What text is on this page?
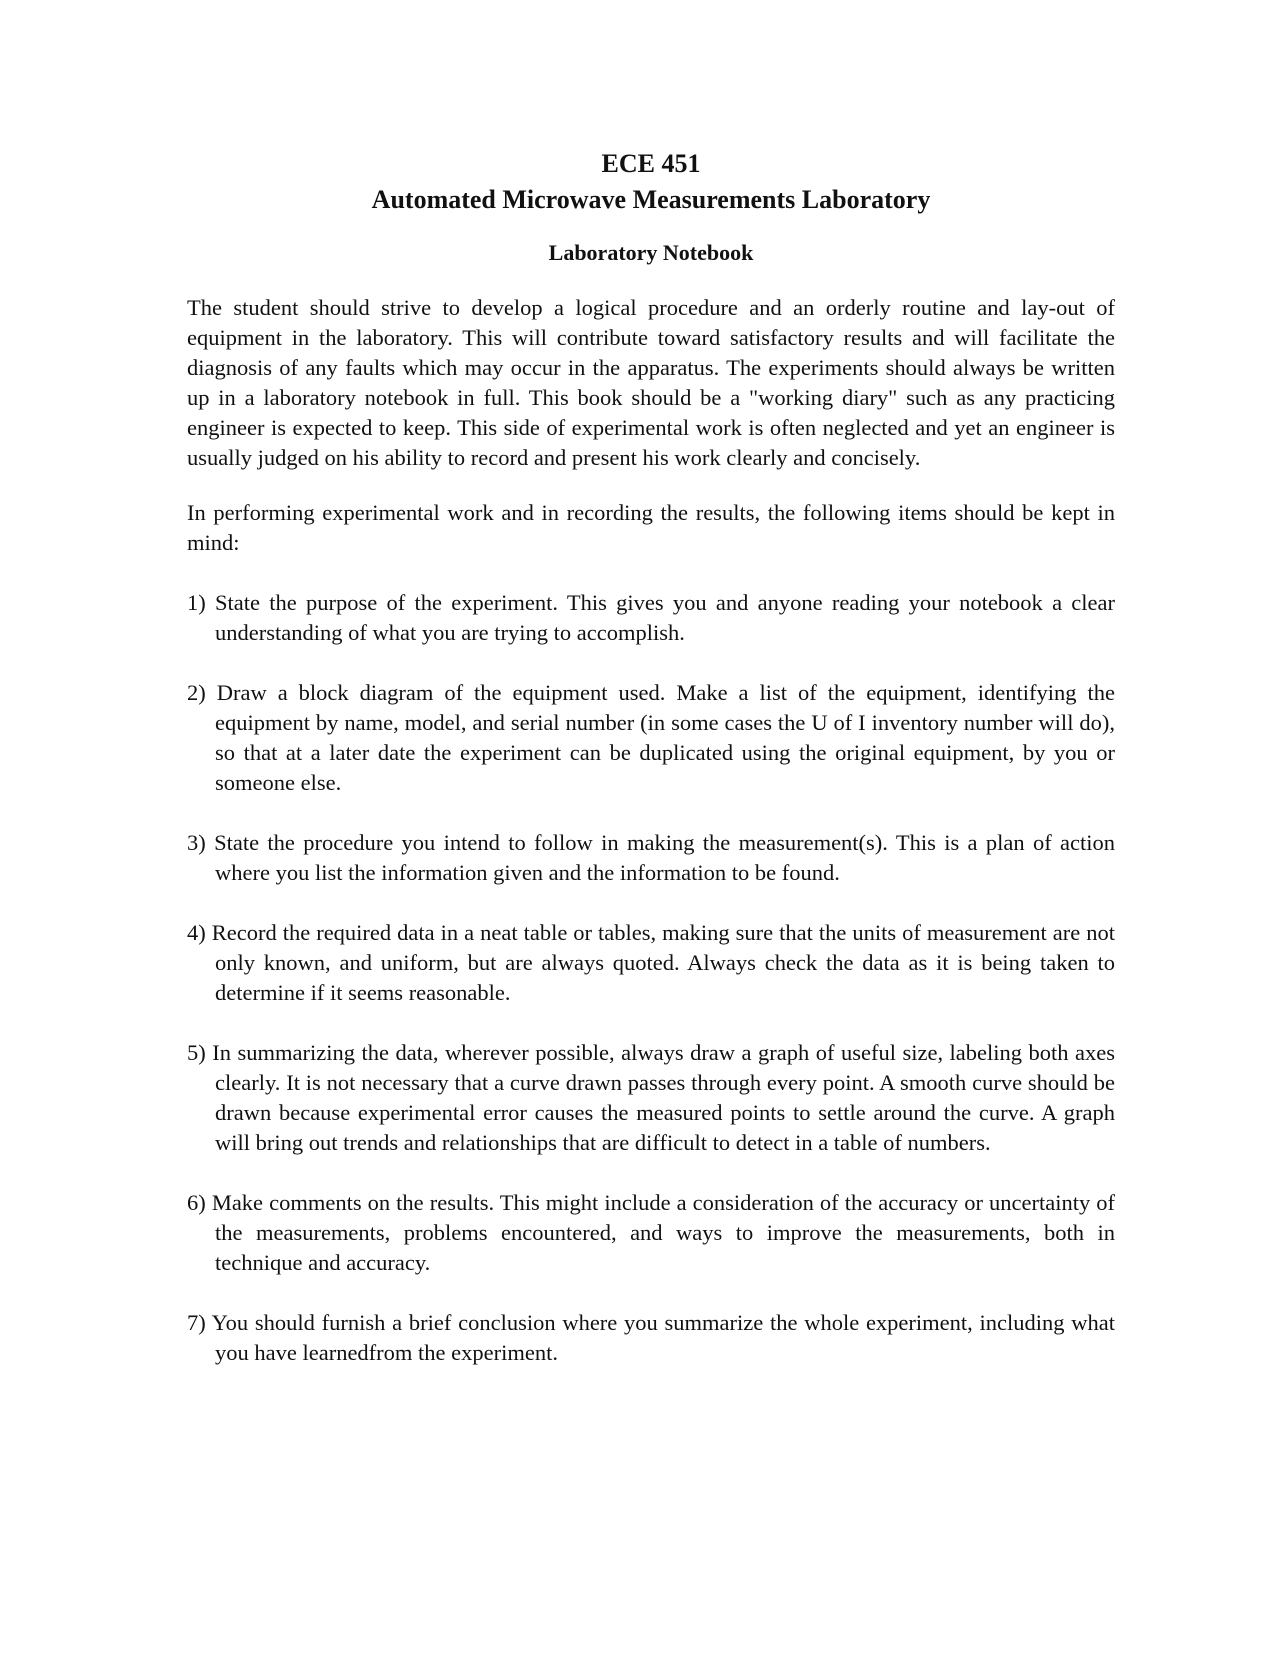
ECE 451
Automated Microwave Measurements Laboratory
Laboratory Notebook

The student should strive to develop a logical procedure and an orderly routine and lay-out of equipment in the laboratory. This will contribute toward satisfactory results and will facilitate the diagnosis of any faults which may occur in the apparatus. The experiments should always be written up in a laboratory notebook in full. This book should be a "working diary" such as any practicing engineer is expected to keep. This side of experimental work is often neglected and yet an engineer is usually judged on his ability to record and present his work clearly and concisely.

In performing experimental work and in recording the results, the following items should be kept in mind:

1) State the purpose of the experiment. This gives you and anyone reading your notebook a clear understanding of what you are trying to accomplish.
2) Draw a block diagram of the equipment used. Make a list of the equipment, identifying the equipment by name, model, and serial number (in some cases the U of I inventory number will do), so that at a later date the experiment can be duplicated using the original equipment, by you or someone else.
3) State the procedure you intend to follow in making the measurement(s). This is a plan of action where you list the information given and the information to be found.
4) Record the required data in a neat table or tables, making sure that the units of measurement are not only known, and uniform, but are always quoted. Always check the data as it is being taken to determine if it seems reasonable.
5) In summarizing the data, wherever possible, always draw a graph of useful size, labeling both axes clearly. It is not necessary that a curve drawn passes through every point. A smooth curve should be drawn because experimental error causes the measured points to settle around the curve. A graph will bring out trends and relationships that are difficult to detect in a table of numbers.
6) Make comments on the results. This might include a consideration of the accuracy or uncertainty of the measurements, problems encountered, and ways to improve the measurements, both in technique and accuracy.
7) You should furnish a brief conclusion where you summarize the whole experiment, including what you have learnedfrom the experiment.
